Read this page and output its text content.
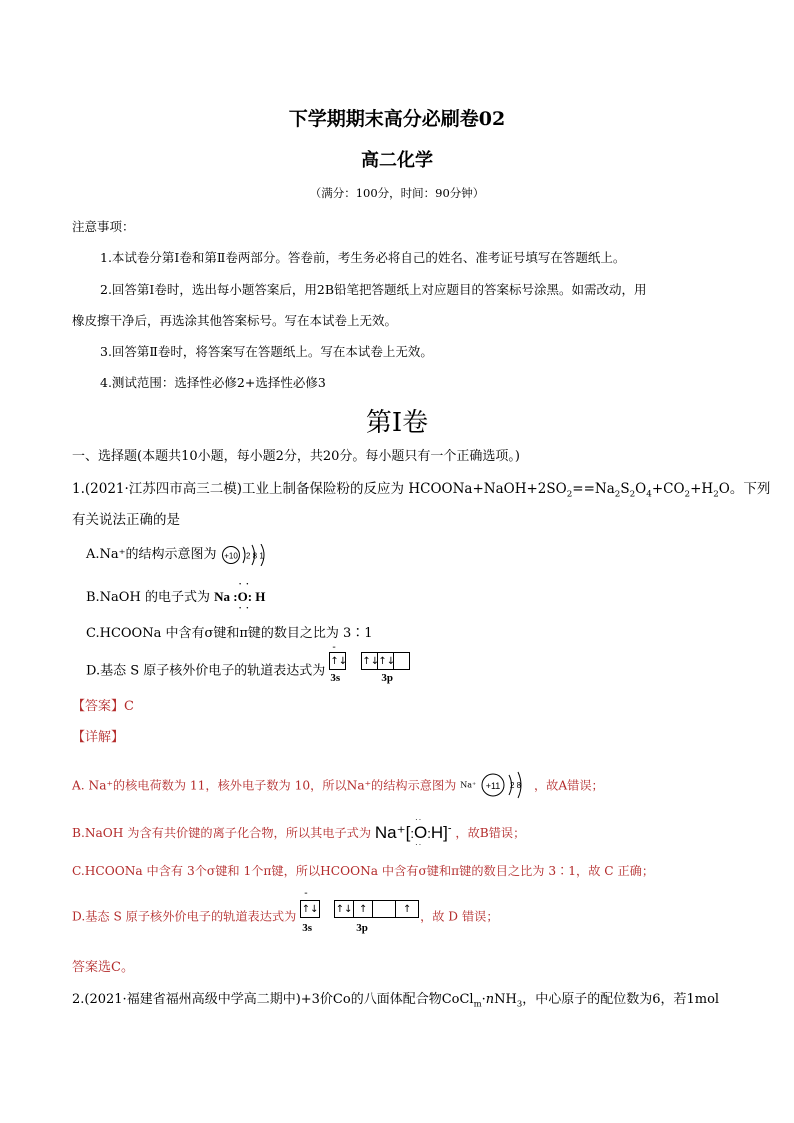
下学期期末高分必刷卷02
高二化学
（满分：100分，时间：90分钟）
注意事项：
1.本试卷分第Ⅰ卷和第Ⅱ卷两部分。答卷前，考生务必将自己的姓名、准考证号填写在答题纸上。
2.回答第Ⅰ卷时，选出每小题答案后，用2B铅笔把答题纸上对应题目的答案标号涂黑。如需改动，用
橡皮擦干净后，再选涂其他答案标号。写在本试卷上无效。
3.回答第Ⅱ卷时，将答案写在答题纸上。写在本试卷上无效。
4.测试范围：选择性必修2+选择性必修3
第Ⅰ卷
一、选择题(本题共10小题，每小题2分，共20分。每小题只有一个正确选项。)
1.(2021·江苏四市高三二模)工业上制备保险粉的反应为 $HCOONa+NaOH+2SO_2==Na_2S_2O_4+CO_2+H_2O$。下列
有关说法正确的是
A.Na⁺的结构示意图为 +10 2 8 1
B.NaOH 的电子式为 Na :
· ·
· ·
O: H
C.HCOONa 中含有σ键和π键的数目之比为 3∶1
D.基态 S 原子核外价电子的轨道表达式为
-
↑↓ ↑↓↑↓
3s	3p
【答案】C
【详解】
A. Na⁺的核电荷数为 11，核外电子数为 10，所以Na⁺的结构示意图为 Na⁺ +11 2 8 ，故A错误；
B.NaOH 为含有共价键的离子化合物，所以其电子式为 Na⁺[:
··
··
O:H]- ，故B错误；
C.HCOONa 中含有 3个σ键和 1个π键，所以HCOONa 中含有σ键和π键的数目之比为 3∶1，故 C 正确；
D.基态 S 原子核外价电子的轨道表达式为
-
↑↓ ↑↓ ↑	↑
3s	3p
，故 D 错误；
答案选C。
2.(2021·福建省福州高级中学高二期中)+3价Co的八面体配合物CoCl$_m$·nNH$_3$，中心原子的配位数为6，若1mol
